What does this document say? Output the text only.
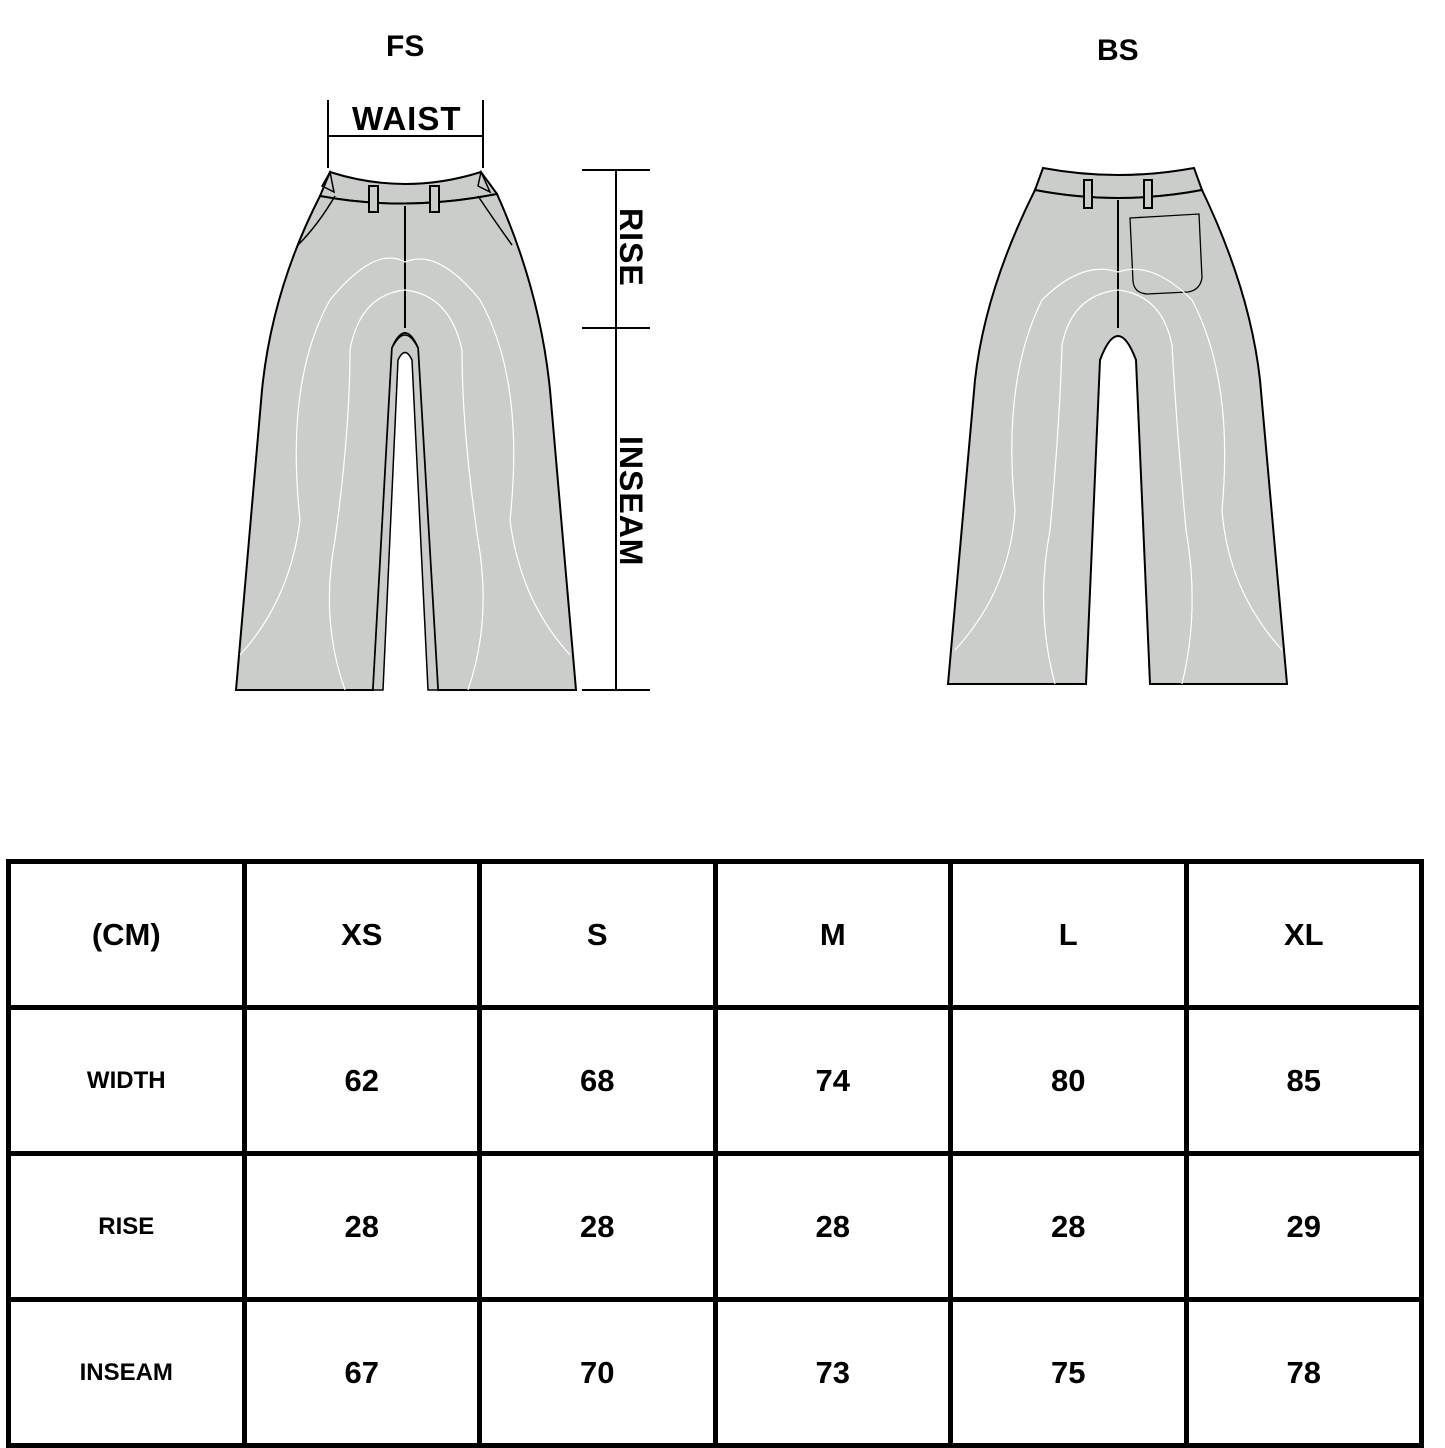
FS	BS
WAIST
RISE
INSEAM
(CM)	XS	S	M	L	XL
WIDTH	62	68	74	80	85
RISE	28	28	28	28	29
INSEAM	67	70	73	75	78
